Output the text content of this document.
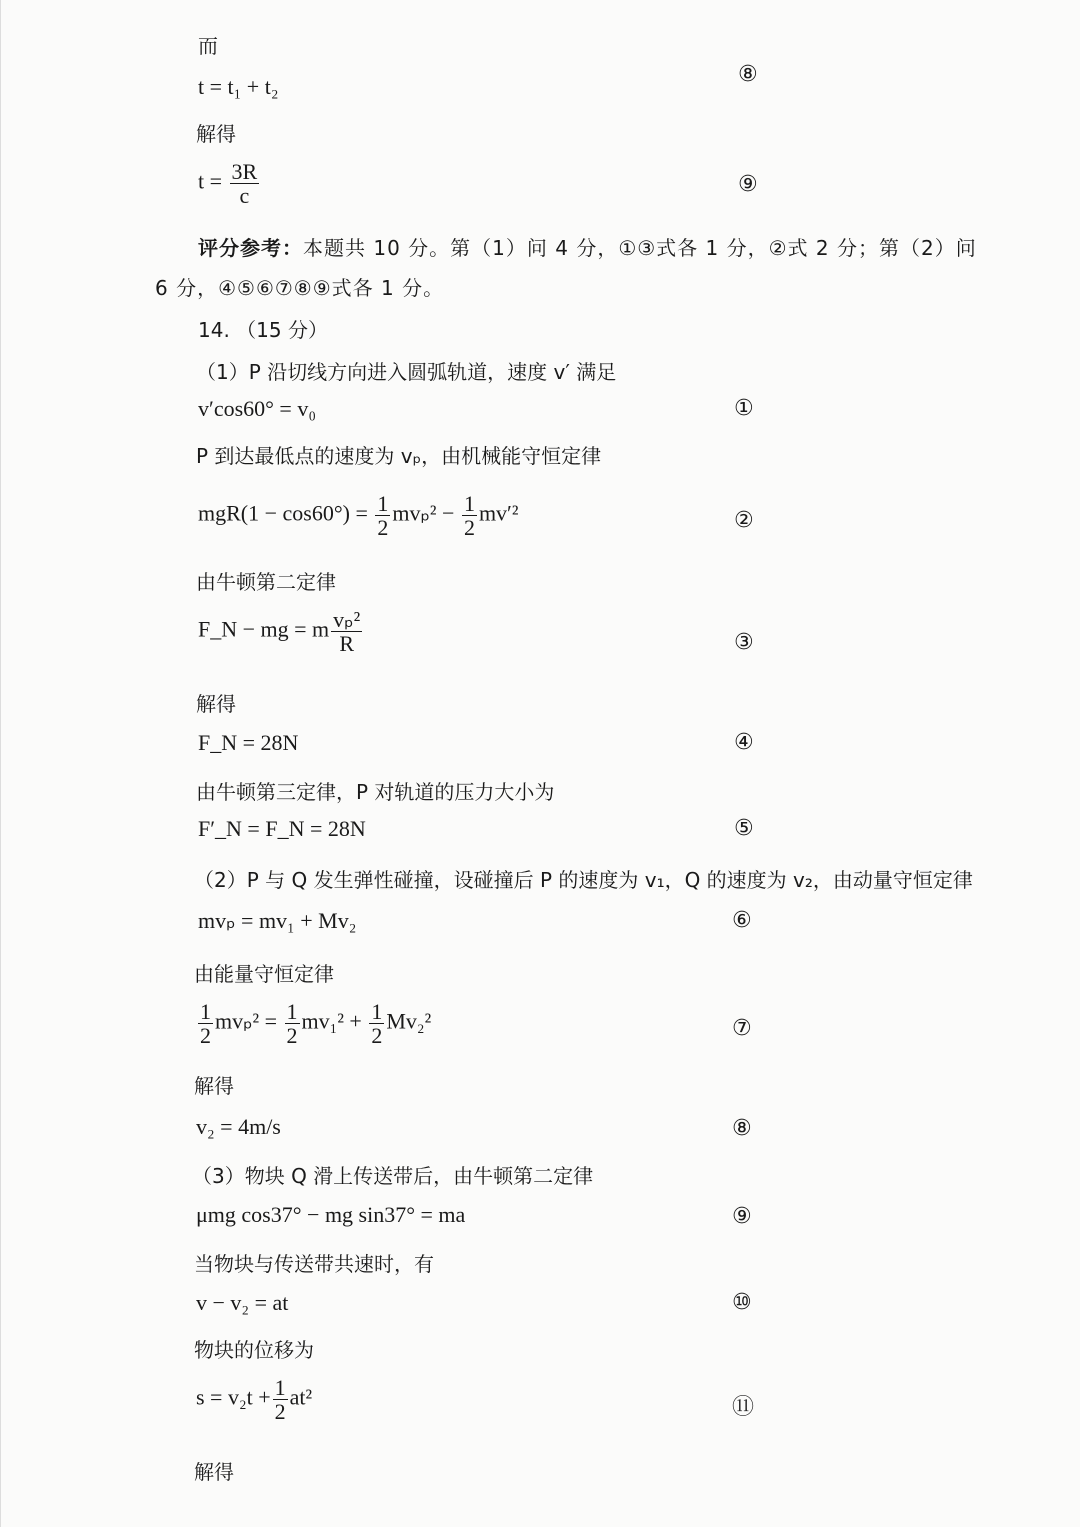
而
t = t₁ + t₂	⑧
解得
$t = \frac{3R}{c}$	⑨
评分参考：本题共 10 分。第（1）问 4 分，①③式各 1 分，②式 2 分；第（2）问
6 分，④⑤⑥⑦⑧⑨式各 1 分。
14. （15 分）
（1）P 沿切线方向进入圆弧轨道，速度 v′ 满足
v′cos60° = v₀	①
P 到达最低点的速度为 vₚ，由机械能守恒定律
$mgR(1 - \cos 60^\circ) = \frac{1}{2} mv_p^2 - \frac{1}{2} mv'^2$	②
由牛顿第二定律
F_N − mg = m $\frac{\text{vₚ²}}{R}$	③
解得
F_N = 28N	④
由牛顿第三定律，P 对轨道的压力大小为
F′_N = F_N = 28N	⑤
（2）P 与 Q 发生弹性碰撞，设碰撞后 P 的速度为 v₁，Q 的速度为 v₂，由动量守恒定律
mvₚ = mv₁ + Mv₂	⑥
由能量守恒定律
$\frac{1}{2} mv_p^2 = \frac{1}{2} mv_1^2 + \frac{1}{2} Mv_2^2$	⑦
解得
v₂ = 4m/s	⑧
（3）物块 Q 滑上传送带后，由牛顿第二定律
μmg cos37° − mg sin37° = ma	⑨
当物块与传送带共速时，有
v − v₂ = at	⑩
物块的位移为
$s = v_2t + \frac{1}{2} at^2$	⑪
解得
